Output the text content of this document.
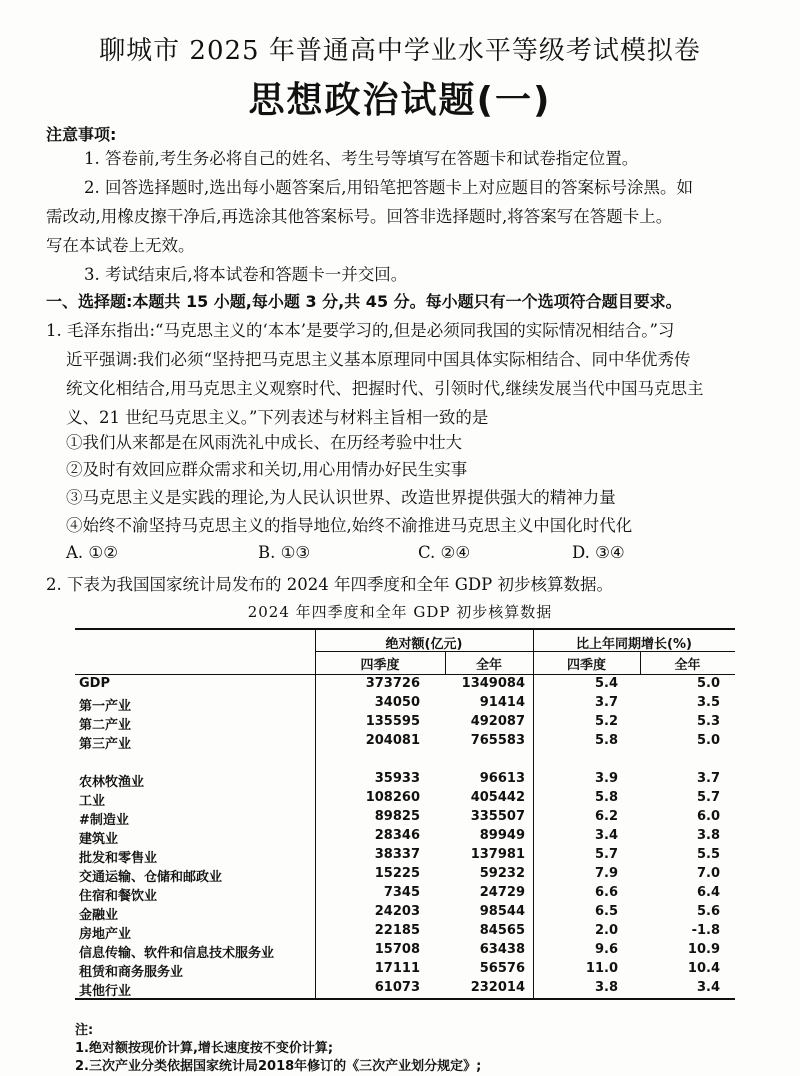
聊城市 2025 年普通高中学业水平等级考试模拟卷
思想政治试题(一)
注意事项:
1. 答卷前,考生务必将自己的姓名、考生号等填写在答题卡和试卷指定位置。
2. 回答选择题时,选出每小题答案后,用铅笔把答题卡上对应题目的答案标号涂黑。如
需改动,用橡皮擦干净后,再选涂其他答案标号。回答非选择题时,将答案写在答题卡上。
写在本试卷上无效。
3. 考试结束后,将本试卷和答题卡一并交回。
一、选择题:本题共 15 小题,每小题 3 分,共 45 分。每小题只有一个选项符合题目要求。
1. 毛泽东指出:“马克思主义的‘本本’是要学习的,但是必须同我国的实际情况相结合。”习
近平强调:我们必须“坚持把马克思主义基本原理同中国具体实际相结合、同中华优秀传
统文化相结合,用马克思主义观察时代、把握时代、引领时代,继续发展当代中国马克思主
义、21 世纪马克思主义。”下列表述与材料主旨相一致的是
①我们从来都是在风雨洗礼中成长、在历经考验中壮大
②及时有效回应群众需求和关切,用心用情办好民生实事
③马克思主义是实践的理论,为人民认识世界、改造世界提供强大的精神力量
④始终不渝坚持马克思主义的指导地位,始终不渝推进马克思主义中国化时代化
A. ①②	B. ①③	C. ②④	D. ③④
2. 下表为我国国家统计局发布的 2024 年四季度和全年 GDP 初步核算数据。
2024 年四季度和全年 GDP 初步核算数据
绝对额(亿元)	比上年同期增长(%)
四季度	全年	四季度	全年
GDP	373726	1349084	5.4	5.0
第一产业	34050	91414	3.7	3.5
第二产业	135595	492087	5.2	5.3
第三产业	204081	765583	5.8	5.0
农林牧渔业	35933	96613	3.9	3.7
工业	108260	405442	5.8	5.7
#制造业	89825	335507	6.2	6.0
建筑业	28346	89949	3.4	3.8
批发和零售业	38337	137981	5.7	5.5
交通运输、仓储和邮政业	15225	59232	7.9	7.0
住宿和餐饮业	7345	24729	6.6	6.4
金融业	24203	98544	6.5	5.6
房地产业	22185	84565	2.0	-1.8
信息传输、软件和信息技术服务业	15708	63438	9.6	10.9
租赁和商务服务业	17111	56576	11.0	10.4
其他行业	61073	232014	3.8	3.4
注:
1.绝对额按现价计算,增长速度按不变价计算;
2.三次产业分类依据国家统计局2018年修订的《三次产业划分规定》;
